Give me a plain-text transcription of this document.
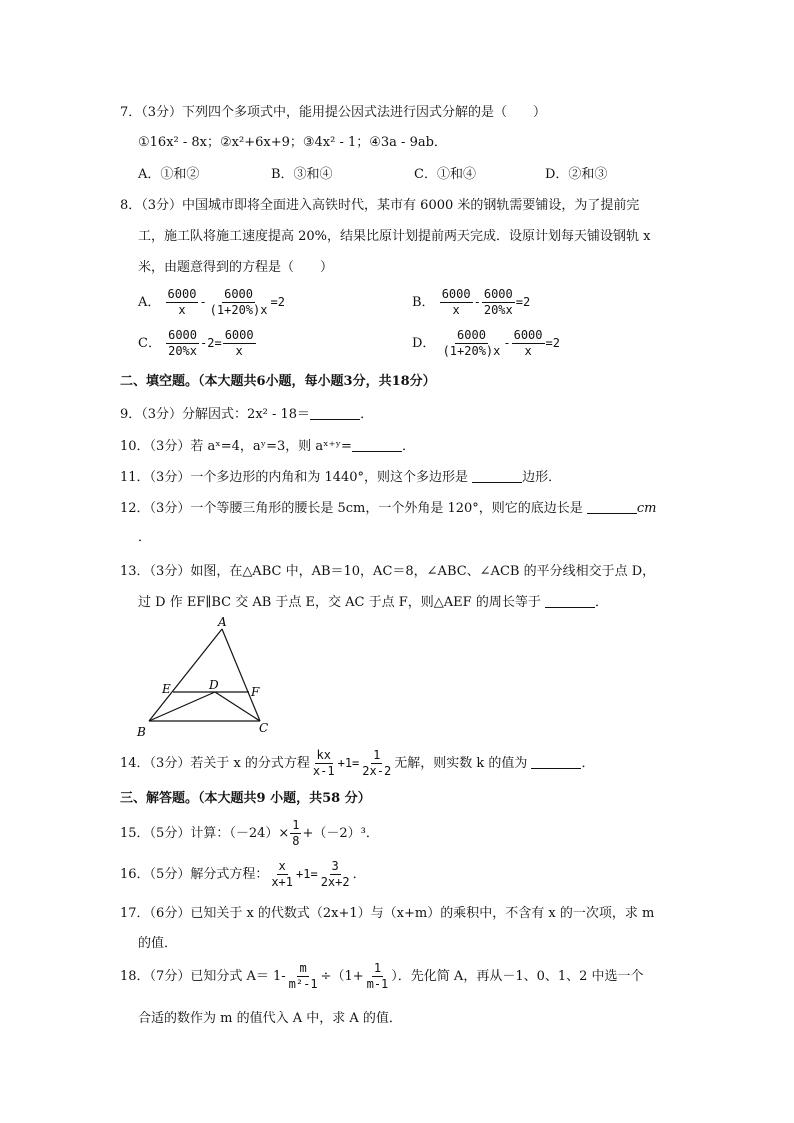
7．（3分）下列四个多项式中，能用提公因式法进行因式分解的是（　　）
①16x² - 8x；②x²+6x+9；③4x² - 1；④3a - 9ab．
A．①和②	B．③和④	C．①和④	D．②和③
8．（3分）中国城市即将全面进入高铁时代，某市有 6000 米的钢轨需要铺设，为了提前完
工，施工队将施工速度提高 20%，结果比原计划提前两天完成．设原计划每天铺设钢轨 x
米，由题意得到的方程是（　　）
A． $\frac{6000}{x} - \frac{6000}{(1+20\%)x} =2$	B． $\frac{6000}{x} - \frac{6000}{20\%x} =2$
C． $\frac{6000}{20\%x} -2= \frac{6000}{x}$	D． $\frac{6000}{(1+20\%)x} - \frac{6000}{x} =2$
二、填空题。（本大题共6小题，每小题3分，共18分）
9．（3分）分解因式：2x² - 18＝	．
10．（3分）若 aˣ=4，aʸ=3，则 aˣ⁺ʸ=	．
11．（3分）一个多边形的内角和为 1440°，则这个多边形是	边形．
12．（3分）一个等腰三角形的腰长是 5cm，一个外角是 120°，则它的底边长是	cm
．
13．（3分）如图，在△ABC 中，AB＝10，AC＝8，∠ABC、∠ACB 的平分线相交于点 D，
过 D 作 EF∥BC 交 AB 于点 E，交 AC 于点 F，则△AEF 的周长等于	．
A
B	C
D
E	F
14．（3分）若关于 x 的分式方程 $\frac{kx}{x-1} +1= \frac{1}{2x-2}$ 无解，则实数 k 的值为	．
三、解答题。（本大题共9 小题，共58 分）
15．（5分）计算：$(-24)\times \frac{1}{8} +(-2)^3$．
16．（5分）解分式方程： $\frac{x}{x+1} +1= \frac{3}{2x+2}$ ．
17．（6分）已知关于 x 的代数式（2x+1）与（x+m）的乘积中，不含有 x 的一次项，求 m
的值．
18．（7分）已知分式 $A= 1- \frac{m}{\text{m²-1}} \div(1+ \frac{1}{m-1}$ ）．先化简 A，再从－1、0、1、2 中选一个
合适的数作为 m 的值代入 A 中，求 A 的值．
